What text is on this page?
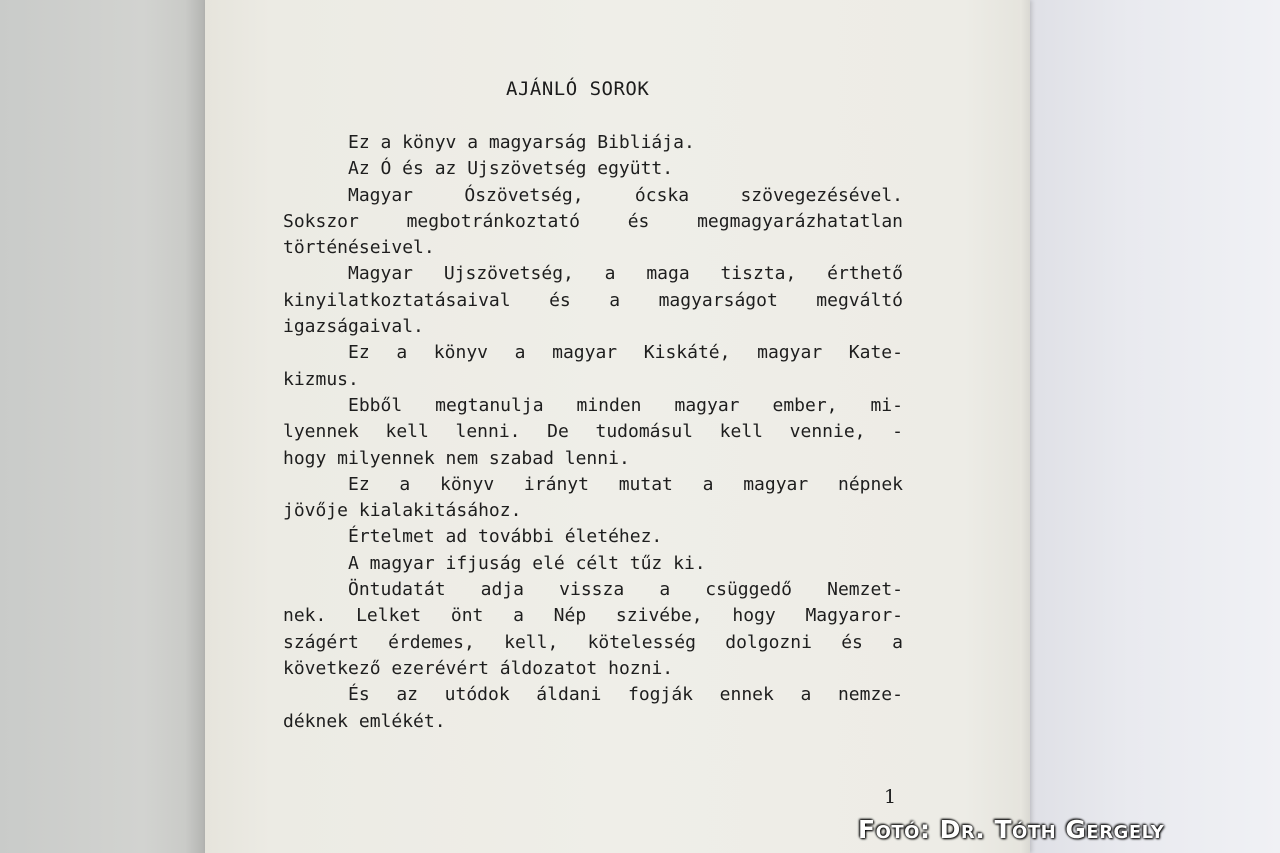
AJÁNLÓ SOROK
Ez a könyv a magyarság Bibliája.
Az Ó és az Ujszövetség együtt.
Magyar Ószövetség, ócska szövegezésével.
Sokszor megbotránkoztató és megmagyarázhatatlan
történéseivel.
Magyar Ujszövetség, a maga tiszta, érthető
kinyilatkoztatásaival és a magyarságot megváltó
igazságaival.
Ez a könyv a magyar Kiskáté, magyar Kate-
kizmus.
Ebből megtanulja minden magyar ember, mi-
lyennek kell lenni. De tudomásul kell vennie, -
hogy milyennek nem szabad lenni.
Ez a könyv irányt mutat a magyar népnek
jövője kialakitásához.
Értelmet ad további életéhez.
A magyar ifjuság elé célt tűz ki.
Öntudatát adja vissza a csüggedő Nemzet-
nek. Lelket önt a Nép szivébe, hogy Magyaror-
szágért érdemes, kell, kötelesség dolgozni és a
következő ezerévért áldozatot hozni.
És az utódok áldani fogják ennek a nemze-
déknek emlékét.
1
Fotó: Dr. Tóth Gergely
